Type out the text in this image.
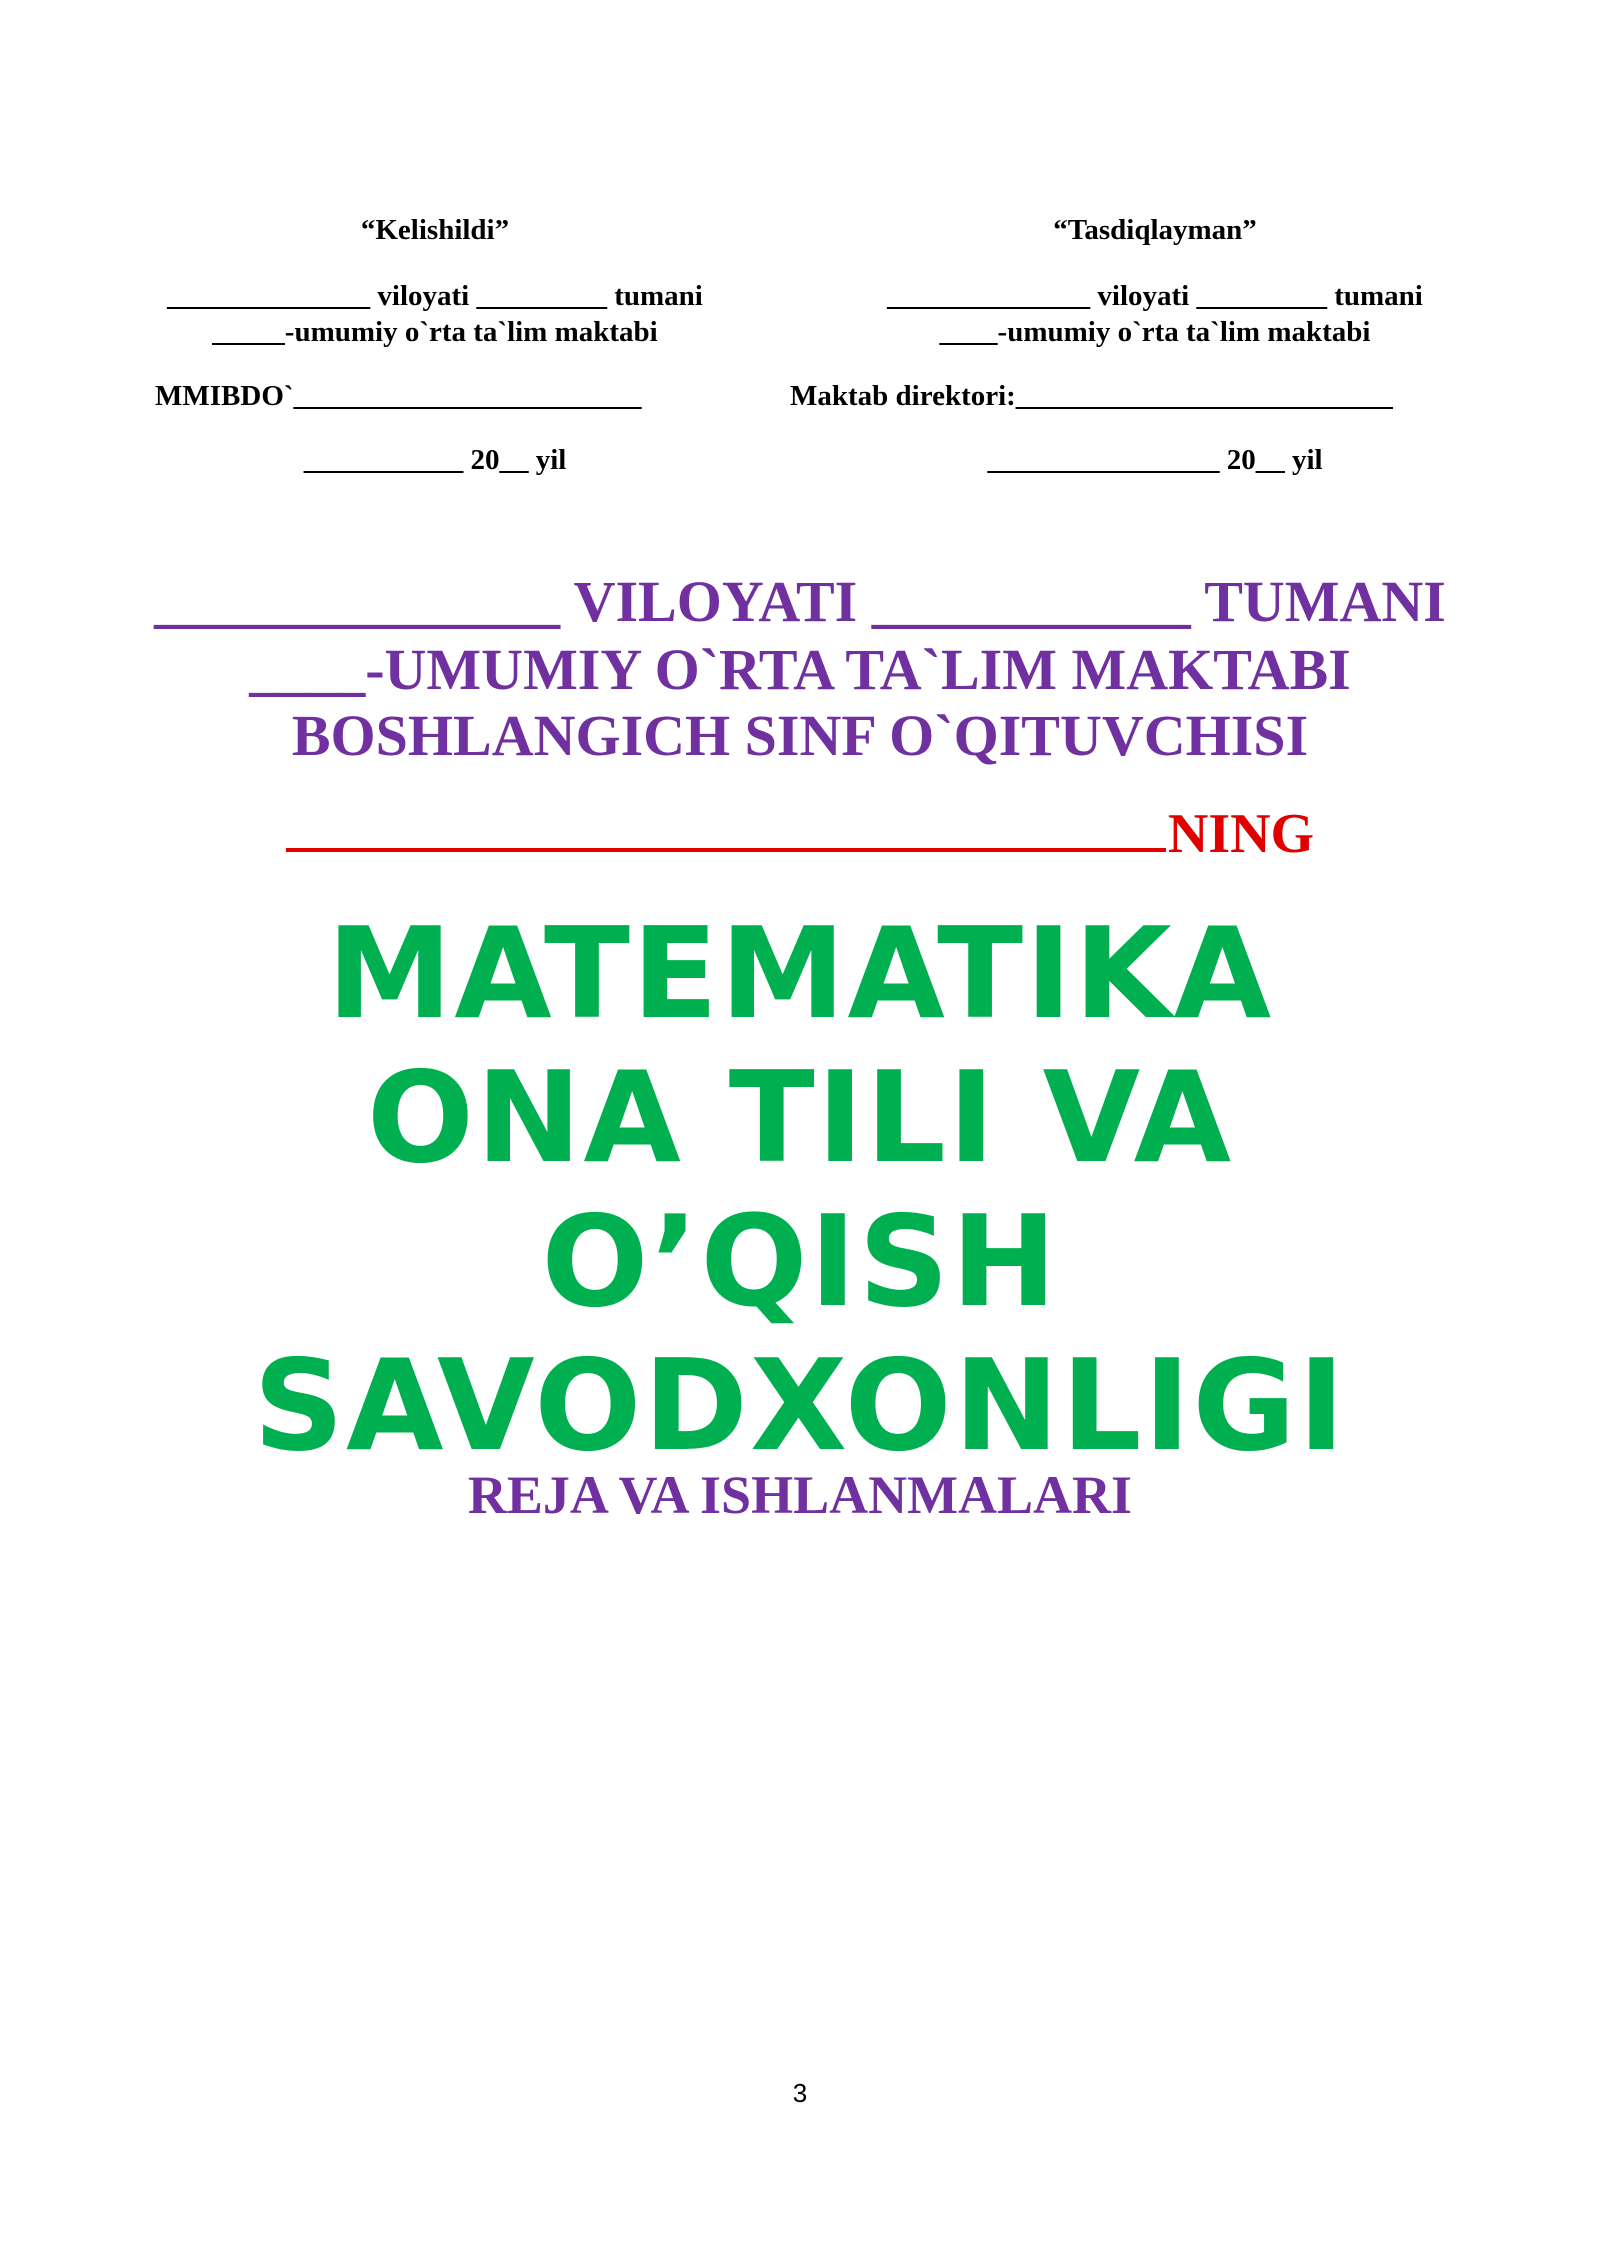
“Kelishildi”
______________ viloyati _________ tumani
_____-umumiy o`rta ta`lim maktabi
MMIBDO`________________________
___________ 20__ yil
“Tasdiqlayman”
______________ viloyati _________ tumani
____-umumiy o`rta ta`lim maktabi
Maktab direktori:__________________________
________________ 20__ yil
______________ VILOYATI ___________ TUMANI
____-UMUMIY O`RTA TA`LIM MAKTABI
BOSHLANGICH SINF O`QITUVCHISI
NING
MATEMATIKA
ONA TILI VA
O’QISH
SAVODXONLIGI
REJA VA ISHLANMALARI
3
